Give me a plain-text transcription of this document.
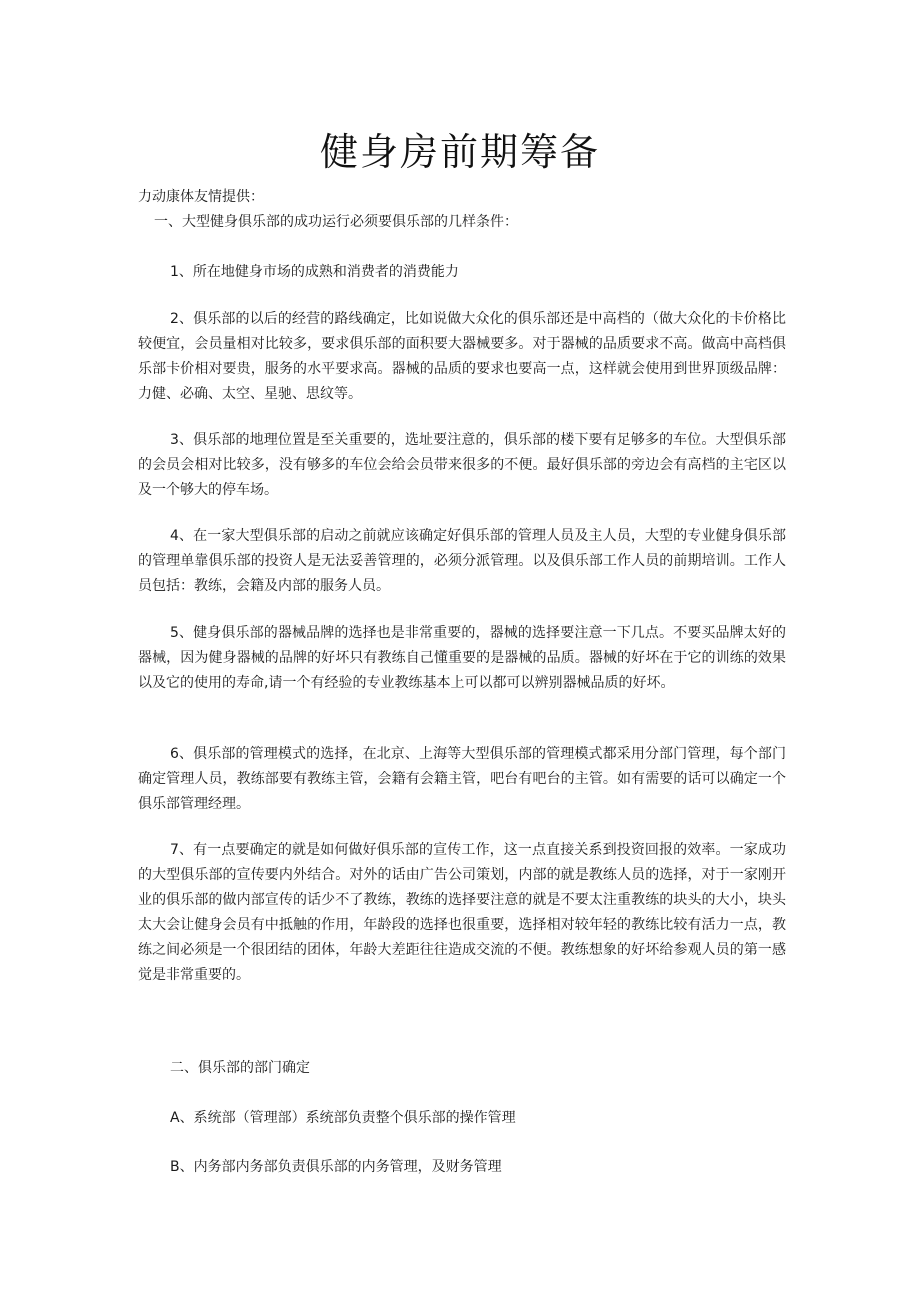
健身房前期筹备
力动康体友情提供：
一、大型健身俱乐部的成功运行必须要俱乐部的几样条件：

1、所在地健身市场的成熟和消费者的消费能力

2、俱乐部的以后的经营的路线确定，比如说做大众化的俱乐部还是中高档的（做大众化的卡价格比较便宜，会员量相对比较多，要求俱乐部的面积要大器械要多。对于器械的品质要求不高。做高中高档俱乐部卡价相对要贵，服务的水平要求高。器械的品质的要求也要高一点，这样就会使用到世界顶级品牌：力健、必确、太空、星驰、思纹等。

3、俱乐部的地理位置是至关重要的，选址要注意的，俱乐部的楼下要有足够多的车位。大型俱乐部的会员会相对比较多，没有够多的车位会给会员带来很多的不便。最好俱乐部的旁边会有高档的主宅区以及一个够大的停车场。

4、在一家大型俱乐部的启动之前就应该确定好俱乐部的管理人员及主人员，大型的专业健身俱乐部的管理单靠俱乐部的投资人是无法妥善管理的，必须分派管理。以及俱乐部工作人员的前期培训。工作人员包括：教练，会籍及内部的服务人员。

5、健身俱乐部的器械品牌的选择也是非常重要的，器械的选择要注意一下几点。不要买品牌太好的器械，因为健身器械的品牌的好坏只有教练自己懂重要的是器械的品质。器械的好坏在于它的训练的效果以及它的使用的寿命,请一个有经验的专业教练基本上可以都可以辨别器械品质的好坏。

6、俱乐部的管理模式的选择，在北京、上海等大型俱乐部的管理模式都采用分部门管理，每个部门确定管理人员，教练部要有教练主管，会籍有会籍主管，吧台有吧台的主管。如有需要的话可以确定一个俱乐部管理经理。

7、有一点要确定的就是如何做好俱乐部的宣传工作，这一点直接关系到投资回报的效率。一家成功的大型俱乐部的宣传要内外结合。对外的话由广告公司策划，内部的就是教练人员的选择，对于一家刚开业的俱乐部的做内部宣传的话少不了教练，教练的选择要注意的就是不要太注重教练的块头的大小，块头太大会让健身会员有中抵触的作用，年龄段的选择也很重要，选择相对较年轻的教练比较有活力一点，教练之间必须是一个很团结的团体，年龄大差距往往造成交流的不便。教练想象的好坏给参观人员的第一感觉是非常重要的。

二、俱乐部的部门确定

A、系统部（管理部）系统部负责整个俱乐部的操作管理

B、内务部内务部负责俱乐部的内务管理，及财务管理
